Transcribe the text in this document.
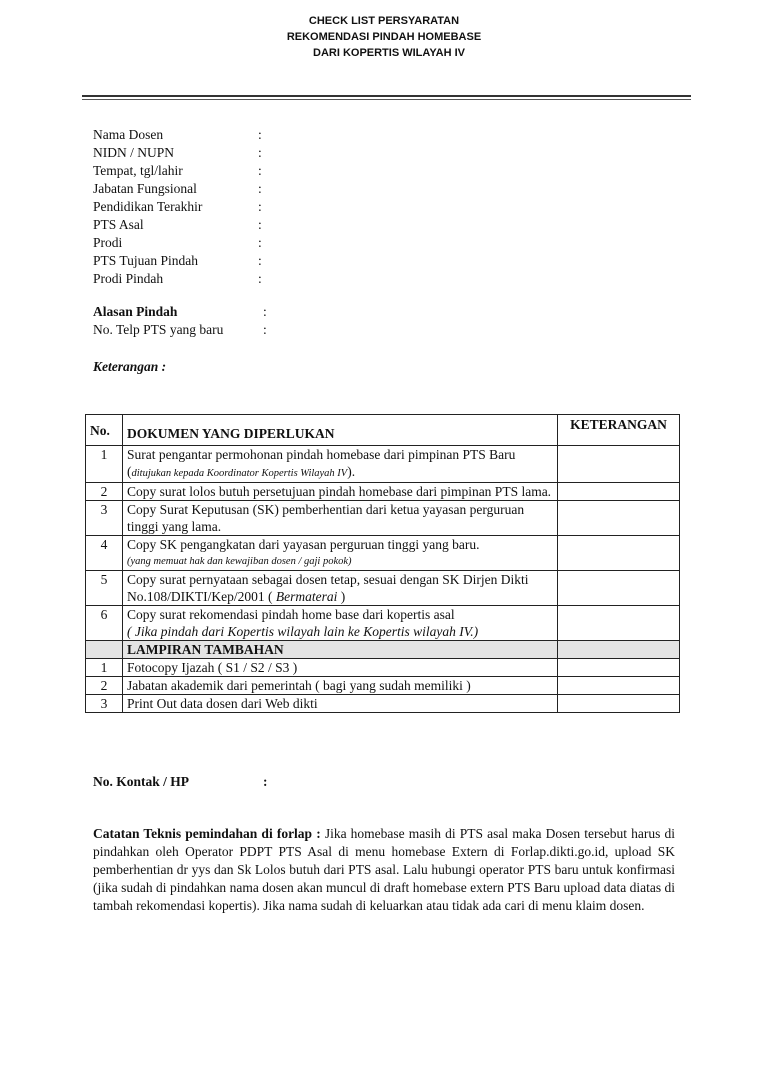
CHECK LIST PERSYARATAN
REKOMENDASI PINDAH HOMEBASE
DARI KOPERTIS WILAYAH IV
Nama Dosen	:
NIDN / NUPN	:
Tempat, tgl/lahir	:
Jabatan Fungsional	:
Pendidikan Terakhir	:
PTS Asal	:
Prodi	:
PTS Tujuan Pindah	:
Prodi Pindah	:
Alasan Pindah	:
No. Telp PTS yang baru	:
Keterangan :
No.	DOKUMEN YANG DIPERLUKAN	KETERANGAN
1	Surat pengantar permohonan pindah homebase dari pimpinan PTS Baru (ditujukan kepada Koordinator Kopertis Wilayah IV).	
2	Copy surat lolos butuh persetujuan pindah homebase dari pimpinan PTS lama.	
3	Copy Surat Keputusan (SK) pemberhentian dari ketua yayasan perguruan tinggi yang lama.	
4	Copy SK pengangkatan dari yayasan perguruan tinggi yang baru.
(yang memuat hak dan kewajiban dosen / gaji pokok)	

5	Copy surat pernyataan sebagai dosen tetap, sesuai dengan SK Dirjen Dikti No.108/DIKTI/Kep/2001 ( Bermaterai )	
6	Copy surat rekomendasi pindah home base dari kopertis asal
( Jika pindah dari Kopertis wilayah lain ke Kopertis wilayah IV.)	

	LAMPIRAN TAMBAHAN	
1	Fotocopy Ijazah ( S1 / S2 / S3 )	
2	Jabatan akademik dari pemerintah ( bagi yang sudah memiliki )	
3	Print Out data dosen dari Web dikti	
No. Kontak / HP	:
Catatan Teknis pemindahan di forlap : Jika homebase masih di PTS asal maka Dosen tersebut harus di pindahkan oleh Operator PDPT PTS Asal di menu homebase Extern di Forlap.dikti.go.id, upload SK pemberhentian dr yys dan Sk Lolos butuh dari PTS asal. Lalu hubungi operator PTS baru untuk konfirmasi (jika sudah di pindahkan nama dosen akan muncul di draft homebase extern PTS Baru upload data diatas di tambah rekomendasi kopertis). Jika nama sudah di keluarkan atau tidak ada cari di menu klaim dosen.
